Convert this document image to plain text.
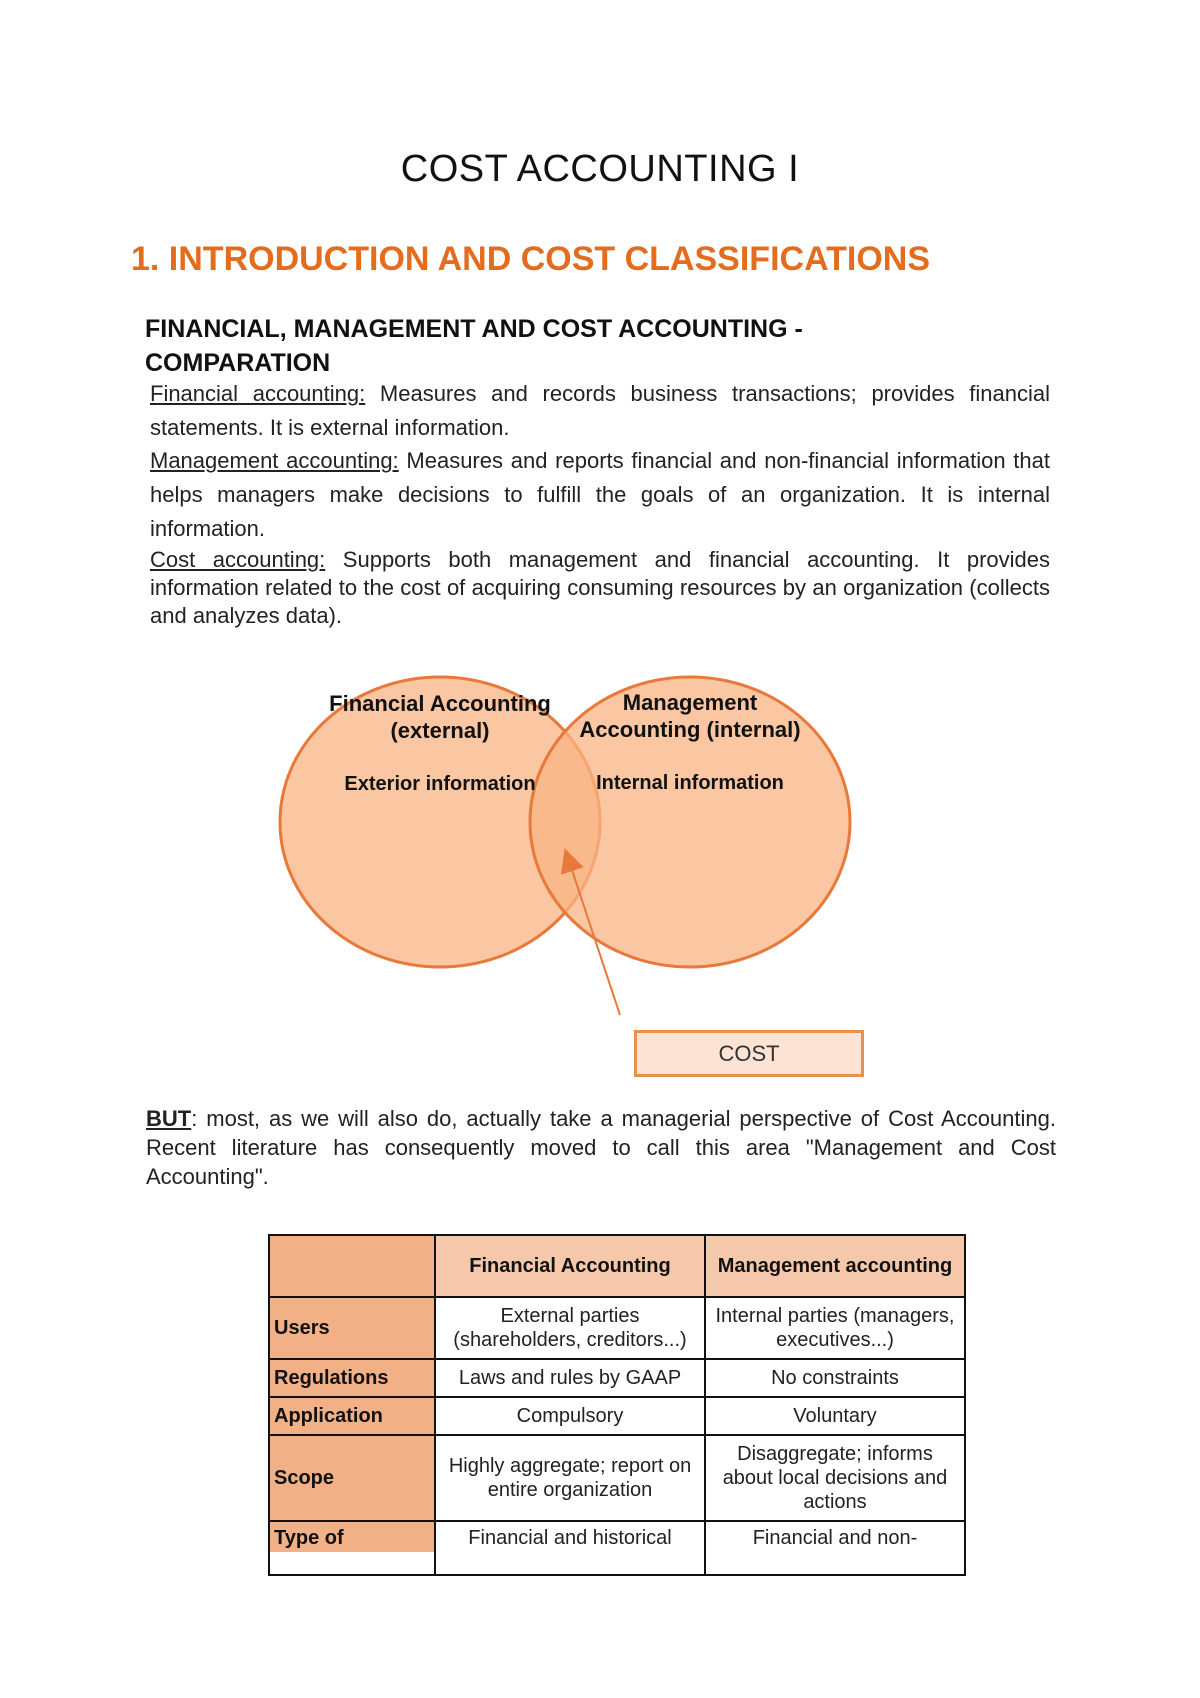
COST ACCOUNTING I
1. INTRODUCTION AND COST CLASSIFICATIONS
FINANCIAL, MANAGEMENT AND COST ACCOUNTING - COMPARATION
Financial accounting: Measures and records business transactions; provides financial statements. It is external information.
Management accounting: Measures and reports financial and non-financial information that helps managers make decisions to fulfill the goals of an organization. It is internal information.
Cost accounting: Supports both management and financial accounting. It provides information related to the cost of acquiring consuming resources by an organization (collects and analyzes data).
Financial Accounting
(external)
Exterior information
Management
Accounting (internal)
Internal information
COST
BUT: most, as we will also do, actually take a managerial perspective of Cost Accounting. Recent literature has consequently moved to call this area "Management and Cost Accounting".
	Financial Accounting	Management accounting
Users	External parties (shareholders, creditors...)	Internal parties (managers, executives...)
Regulations	Laws and rules by GAAP	No constraints
Application	Compulsory	Voluntary
Scope	Highly aggregate; report on entire organization	Disaggregate; informs about local decisions and actions
Type of	Financial and historical	Financial and non-
